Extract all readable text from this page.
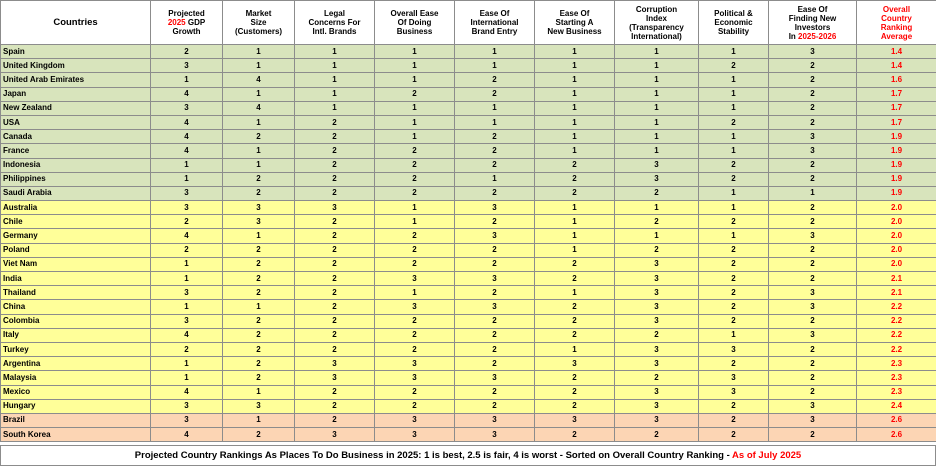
Countries	Projected
2025 GDP
Growth	Market
Size
(Customers)	Legal
Concerns For
Intl. Brands	Overall Ease
Of Doing
Business	Ease Of
International
Brand Entry	Ease Of
Starting A
New Business	Corruption
Index
(Transparency
International)	Political &
Economic
Stability	Ease Of
Finding New
Investors
In 2025-2026	Overall
Country
Ranking
Average
Spain	2	1	1	1	1	1	1	1	3	1.4
United Kingdom	3	1	1	1	1	1	1	2	2	1.4
United Arab Emirates	1	4	1	1	2	1	1	1	2	1.6
Japan	4	1	1	2	2	1	1	1	2	1.7
New Zealand	3	4	1	1	1	1	1	1	2	1.7
USA	4	1	2	1	1	1	1	2	2	1.7
Canada	4	2	2	1	2	1	1	1	3	1.9
France	4	1	2	2	2	1	1	1	3	1.9
Indonesia	1	1	2	2	2	2	3	2	2	1.9
Philippines	1	2	2	2	1	2	3	2	2	1.9
Saudi Arabia	3	2	2	2	2	2	2	1	1	1.9
Australia	3	3	3	1	3	1	1	1	2	2.0
Chile	2	3	2	1	2	1	2	2	2	2.0
Germany	4	1	2	2	3	1	1	1	3	2.0
Poland	2	2	2	2	2	1	2	2	2	2.0
Viet Nam	1	2	2	2	2	2	3	2	2	2.0
India	1	2	2	3	3	2	3	2	2	2.1
Thailand	3	2	2	1	2	1	3	2	3	2.1
China	1	1	2	3	3	2	3	2	3	2.2
Colombia	3	2	2	2	2	2	3	2	2	2.2
Italy	4	2	2	2	2	2	2	1	3	2.2
Turkey	2	2	2	2	2	1	3	3	2	2.2
Argentina	1	2	3	3	2	3	3	2	2	2.3
Malaysia	1	2	3	3	3	2	2	3	2	2.3
Mexico	4	1	2	2	2	2	3	3	2	2.3
Hungary	3	3	2	2	2	2	3	2	3	2.4
Brazil	3	1	2	3	3	3	3	2	3	2.6
South Korea	4	2	3	3	3	2	2	2	2	2.6
Projected Country Rankings As Places To Do Business in 2025: 1 is best, 2.5 is fair, 4 is worst - Sorted on Overall Country Ranking - As of July 2025
